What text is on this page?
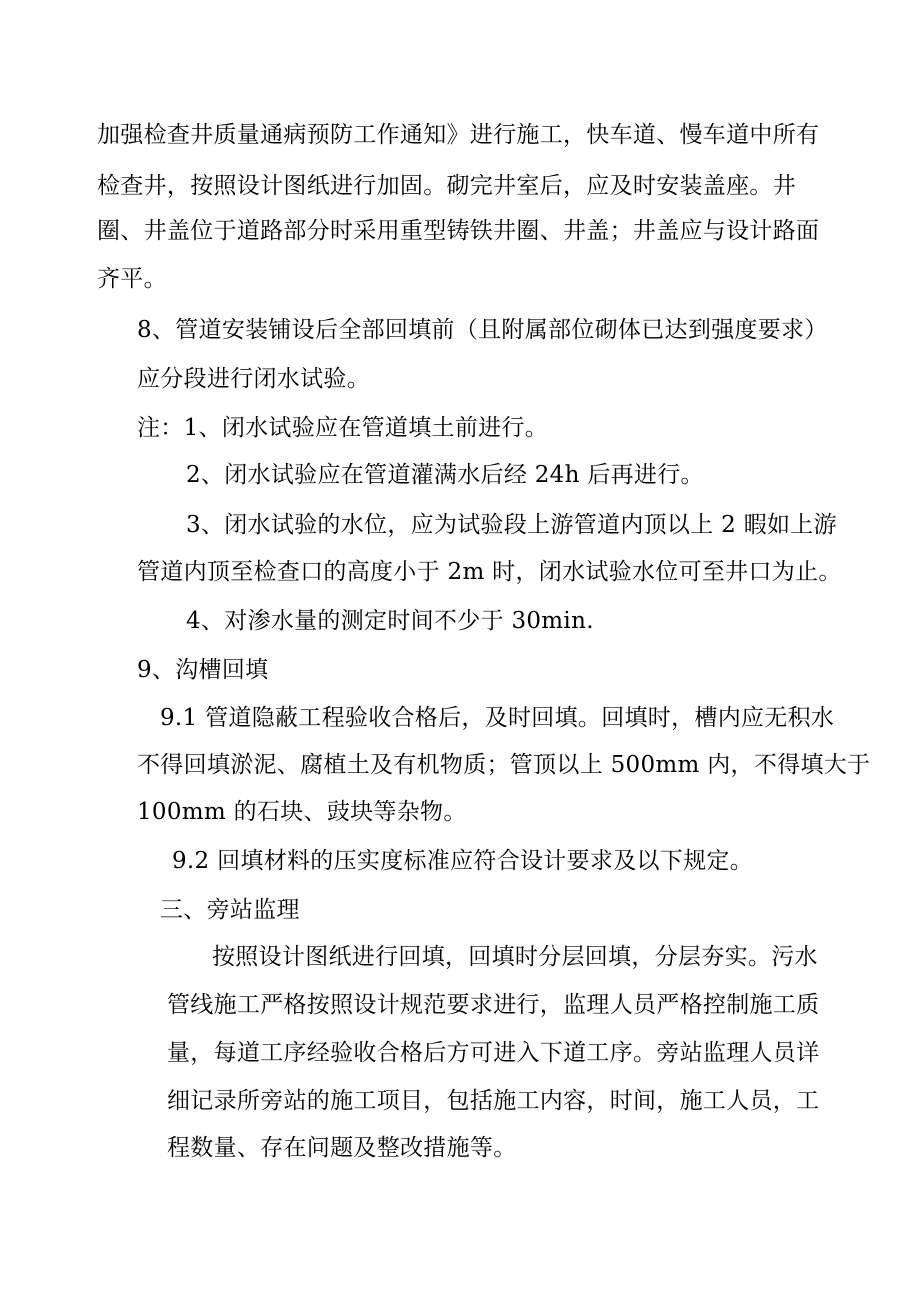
加强检查井质量通病预防工作通知》进行施工，快车道、慢车道中所有
检查井，按照设计图纸进行加固。砌完井室后，应及时安装盖座。井
圈、井盖位于道路部分时采用重型铸铁井圈、井盖；井盖应与设计路面
齐平。
8、管道安装铺设后全部回填前（且附属部位砌体已达到强度要求）
应分段进行闭水试验。
注：1、闭水试验应在管道填土前进行。
2、闭水试验应在管道灌满水后经 24h 后再进行。
3、闭水试验的水位，应为试验段上游管道内顶以上 2 暇如上游
管道内顶至检查口的高度小于 2m 时，闭水试验水位可至井口为止。
4、对渗水量的测定时间不少于 30min.
9、沟槽回填
9.1 管道隐蔽工程验收合格后，及时回填。回填时，槽内应无积水
不得回填淤泥、腐植土及有机物质；管顶以上 500mm 内，不得填大于
100mm 的石块、豉块等杂物。
9.2 回填材料的压实度标准应符合设计要求及以下规定。
三、旁站监理
按照设计图纸进行回填，回填时分层回填，分层夯实。污水
管线施工严格按照设计规范要求进行，监理人员严格控制施工质
量，每道工序经验收合格后方可进入下道工序。旁站监理人员详
细记录所旁站的施工项目，包括施工内容，时间，施工人员，工
程数量、存在问题及整改措施等。
